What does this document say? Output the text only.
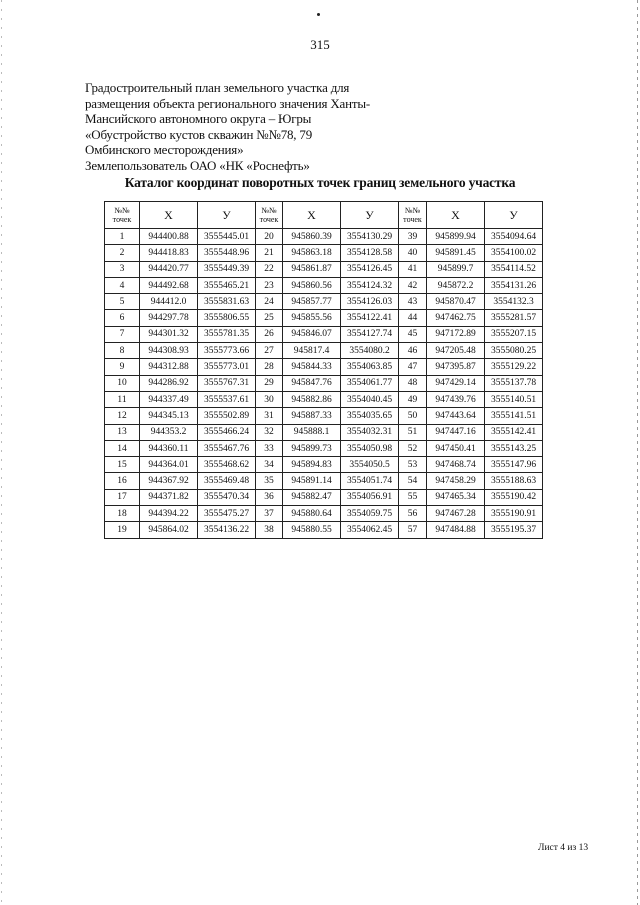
315
Градостроительный план земельного участка для
размещения объекта регионального значения Ханты-
Мансийского автономного округа – Югры
«Обустройство кустов скважин №№78, 79
Омбинского месторождения»
Землепользователь ОАО «НК «Роснефть»
Каталог координат поворотных точек границ земельного участка
№№
точек	Х	У	№№
точек	Х	У	№№
точек	Х	У
1	944400.88	3555445.01	20	945860.39	3554130.29	39	945899.94	3554094.64
2	944418.83	3555448.96	21	945863.18	3554128.58	40	945891.45	3554100.02
3	944420.77	3555449.39	22	945861.87	3554126.45	41	945899.7	3554114.52
4	944492.68	3555465.21	23	945860.56	3554124.32	42	945872.2	3554131.26
5	944412.0	3555831.63	24	945857.77	3554126.03	43	945870.47	3554132.3
6	944297.78	3555806.55	25	945855.56	3554122.41	44	947462.75	3555281.57
7	944301.32	3555781.35	26	945846.07	3554127.74	45	947172.89	3555207.15
8	944308.93	3555773.66	27	945817.4	3554080.2	46	947205.48	3555080.25
9	944312.88	3555773.01	28	945844.33	3554063.85	47	947395.87	3555129.22
10	944286.92	3555767.31	29	945847.76	3554061.77	48	947429.14	3555137.78
11	944337.49	3555537.61	30	945882.86	3554040.45	49	947439.76	3555140.51
12	944345.13	3555502.89	31	945887.33	3554035.65	50	947443.64	3555141.51
13	944353.2	3555466.24	32	945888.1	3554032.31	51	947447.16	3555142.41
14	944360.11	3555467.76	33	945899.73	3554050.98	52	947450.41	3555143.25
15	944364.01	3555468.62	34	945894.83	3554050.5	53	947468.74	3555147.96
16	944367.92	3555469.48	35	945891.14	3554051.74	54	947458.29	3555188.63
17	944371.82	3555470.34	36	945882.47	3554056.91	55	947465.34	3555190.42
18	944394.22	3555475.27	37	945880.64	3554059.75	56	947467.28	3555190.91
19	945864.02	3554136.22	38	945880.55	3554062.45	57	947484.88	3555195.37
Лист 4 из 13
